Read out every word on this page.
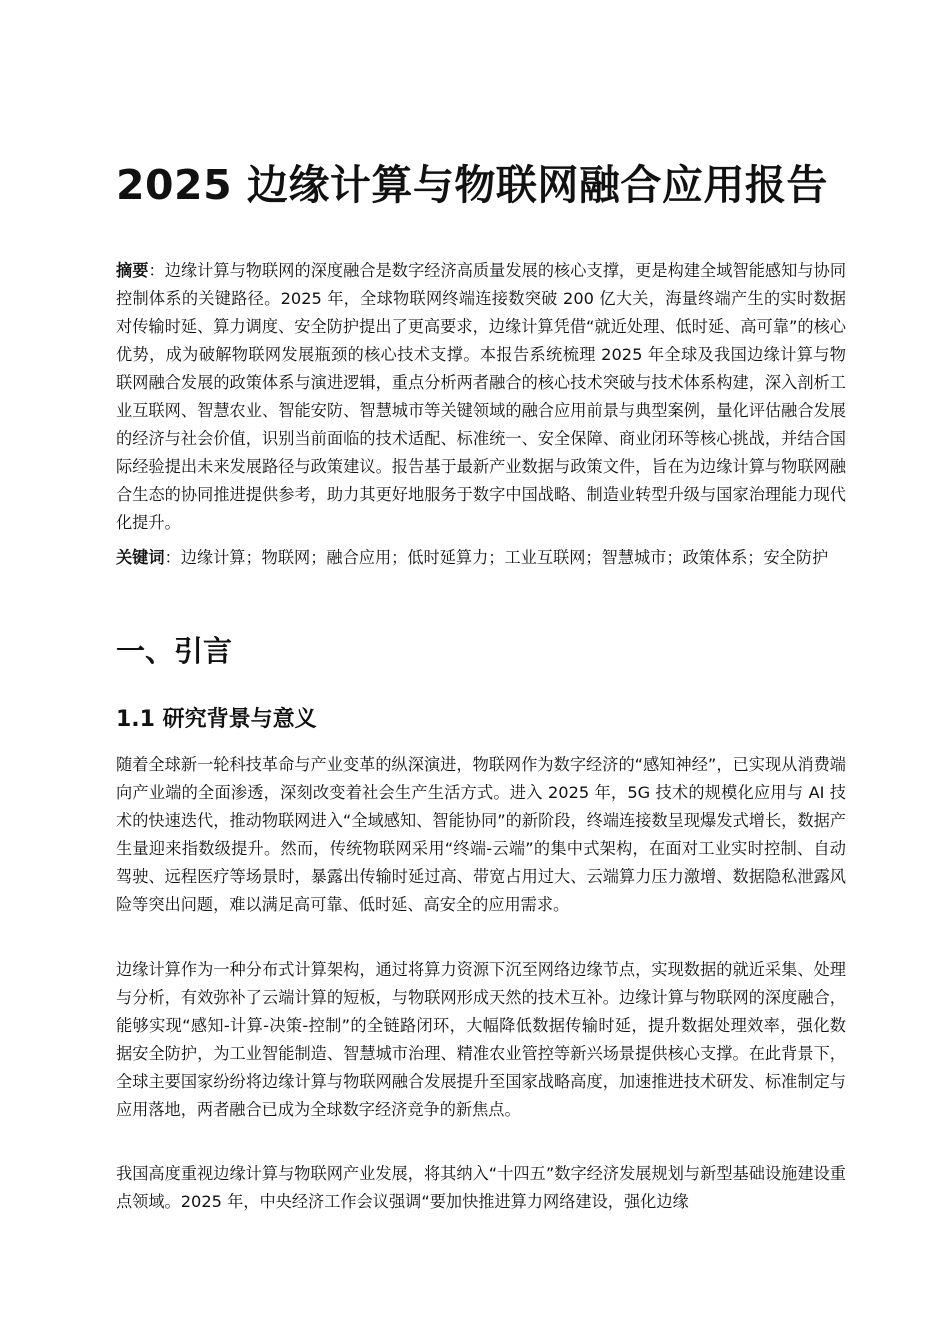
2025 边缘计算与物联网融合应用报告

摘要：边缘计算与物联网的深度融合是数字经济高质量发展的核心支撑，更是构建全域智能感知与协同控制体系的关键路径。2025 年，全球物联网终端连接数突破 200 亿大关，海量终端产生的实时数据对传输时延、算力调度、安全防护提出了更高要求，边缘计算凭借“就近处理、低时延、高可靠”的核心优势，成为破解物联网发展瓶颈的核心技术支撑。本报告系统梳理 2025 年全球及我国边缘计算与物联网融合发展的政策体系与演进逻辑，重点分析两者融合的核心技术突破与技术体系构建，深入剖析工业互联网、智慧农业、智能安防、智慧城市等关键领域的融合应用前景与典型案例，量化评估融合发展的经济与社会价值，识别当前面临的技术适配、标准统一、安全保障、商业闭环等核心挑战，并结合国际经验提出未来发展路径与政策建议。报告基于最新产业数据与政策文件，旨在为边缘计算与物联网融合生态的协同推进提供参考，助力其更好地服务于数字中国战略、制造业转型升级与国家治理能力现代化提升。

关键词：边缘计算；物联网；融合应用；低时延算力；工业互联网；智慧城市；政策体系；安全防护

一、引言
1.1 研究背景与意义

随着全球新一轮科技革命与产业变革的纵深演进，物联网作为数字经济的“感知神经”，已实现从消费端向产业端的全面渗透，深刻改变着社会生产生活方式。进入 2025 年，5G 技术的规模化应用与 AI 技术的快速迭代，推动物联网进入“全域感知、智能协同”的新阶段，终端连接数呈现爆发式增长，数据产生量迎来指数级提升。然而，传统物联网采用“终端-云端”的集中式架构，在面对工业实时控制、自动驾驶、远程医疗等场景时，暴露出传输时延过高、带宽占用过大、云端算力压力激增、数据隐私泄露风险等突出问题，难以满足高可靠、低时延、高安全的应用需求。

边缘计算作为一种分布式计算架构，通过将算力资源下沉至网络边缘节点，实现数据的就近采集、处理与分析，有效弥补了云端计算的短板，与物联网形成天然的技术互补。边缘计算与物联网的深度融合，能够实现“感知-计算-决策-控制”的全链路闭环，大幅降低数据传输时延，提升数据处理效率，强化数据安全防护，为工业智能制造、智慧城市治理、精准农业管控等新兴场景提供核心支撑。在此背景下，全球主要国家纷纷将边缘计算与物联网融合发展提升至国家战略高度，加速推进技术研发、标准制定与应用落地，两者融合已成为全球数字经济竞争的新焦点。

我国高度重视边缘计算与物联网产业发展，将其纳入“十四五”数字经济发展规划与新型基础设施建设重点领域。2025 年，中央经济工作会议强调“要加快推进算力网络建设，强化边缘
